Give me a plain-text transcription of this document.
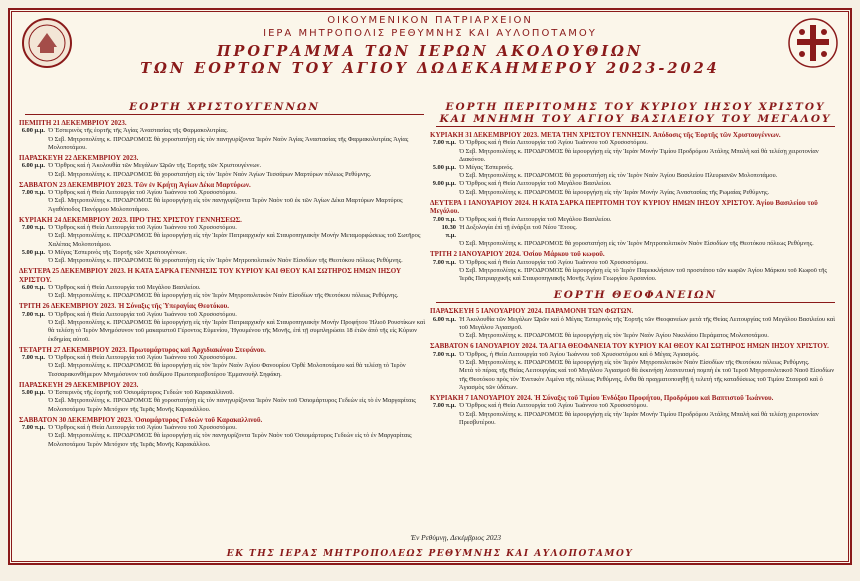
ΟΙΚΟΥΜΕΝΙΚΟΝ ΠΑΤΡΙΑΡΧΕΙΟΝ
ΙΕΡΑ ΜΗΤΡΟΠΟΛΙΣ ΡΕΘΥΜΝΗΣ ΚΑΙ ΑΥΛΟΠΟΤΑΜΟΥ
ΠΡΟΓΡΑΜΜΑ ΤΩΝ ΙΕΡΩΝ ΑΚΟΛΟΥΘΙΩΝ
ΤΩΝ ΕΟΡΤΩΝ ΤΟΥ ΑΓΙΟΥ ΔΩΔΕΚΑΗΜΕΡΟΥ 2023-2024
ΕΟΡΤΗ ΧΡΙΣΤΟΥΓΕΝΝΩΝ
ΠΕΜΠΤΗ 21 ΔΕΚΕΜΒΡΙΟΥ 2023.
6.00 μ.μ. Ὁ Ἑσπερινὸς τῆς ἑορτῆς τῆς Ἁγίας Ἀναστασίας τῆς Φαρμακολυτρίας.
Ὁ Σεβ. Μητροπολίτης κ. ΠΡΟΔΡΟΜΟΣ θὰ χοροστατήσῃ εἰς τὸν πανηγυρίζοντα Ἱερὸν Ναὸν Ἁγίας Ἀναστασίας τῆς Φαρμακολυτρίας Ἁγίας Μολοποτάμου.
ΠΑΡΑΣΚΕΥΗ 22 ΔΕΚΕΜΒΡΙΟΥ 2023.
6.00 μ.μ. Ὁ Ὄρθρος καὶ ἡ Ἀκολουθία τῶν Μεγάλων Ὡρῶν τῆς Ἑορτῆς τῶν Χριστουγέννων.
Ὁ Σεβ. Μητροπολίτης κ. ΠΡΟΔΡΟΜΟΣ θὰ χοροστατήσῃ εἰς τὸν Ἱερὸν Ναὸν Ἁγίων Τεσσάρων Μαρτύρων πόλεως Ρεθύμνης.
ΣΑΒΒΑΤΟΝ 23 ΔΕΚΕΜΒΡΙΟΥ 2023. Τῶν ἐν Κρήτῃ Ἁγίων Δέκα Μαρτύρων.
7.00 π.μ. Ὁ Ὄρθρος καὶ ἡ Θεία Λειτουργία τοῦ Ἁγίου Ἰωάννου τοῦ Χρυσοστόμου.
Ὁ Σεβ. Μητροπολίτης κ. ΠΡΟΔΡΟΜΟΣ θὰ ἱερουργήσῃ εἰς τὸν πανηγυρίζοντα Ἱερὸν Ναὸν τοῦ ἐκ τῶν Ἁγίων Δέκα Μαρτύρων Μαρτύρος Ἀγαθόποδος Πανόρμου Μολοποτάμου.
ΚΥΡΙΑΚΗ 24 ΔΕΚΕΜΒΡΙΟΥ 2023. ΠΡΟ ΤΗΣ ΧΡΙΣΤΟΥ ΓΕΝΝΗΣΕΩΣ.
7.00 π.μ. Ὁ Ὄρθρος καὶ ἡ Θεία Λειτουργία τοῦ Ἁγίου Ἰωάννου τοῦ Χρυσοστόμου.
Ὁ Σεβ. Μητροπολίτης κ. ΠΡΟΔΡΟΜΟΣ θὰ ἱερουργήσῃ εἰς τὴν Ἱερὰν Πατριαρχικὴν καὶ Σταυροπηγιακὴν Μονὴν Μεταμορφώσεως τοῦ Σωτῆρος Χαλέπας Μολοποτάμου.
5.00 μ.μ. Ὁ Μέγας Ἑσπερινὸς τῆς Ἑορτῆς τῶν Χριστουγέννων.
Ὁ Σεβ. Μητροπολίτης κ. ΠΡΟΔΡΟΜΟΣ θὰ χοροστατήσῃ εἰς τὸν Ἱερὸν Μητροπολιτικὸν Ναὸν Εἰσοδίων τῆς Θεοτόκου πόλεως Ρεθύμνης.
ΔΕΥΤΕΡΑ 25 ΔΕΚΕΜΒΡΙΟΥ 2023. Η ΚΑΤΑ ΣΑΡΚΑ ΓΕΝΝΗΣΙΣ ΤΟΥ ΚΥΡΙΟΥ ΚΑΙ ΘΕΟΥ ΚΑΙ ΣΩΤΗΡΟΣ ΗΜΩΝ ΙΗΣΟΥ ΧΡΙΣΤΟΥ.
6.00 π.μ. Ὁ Ὄρθρος καὶ ἡ Θεία Λειτουργία τοῦ Μεγάλου Βασιλείου.
Ὁ Σεβ. Μητροπολίτης κ. ΠΡΟΔΡΟΜΟΣ θὰ ἱερουργήσῃ εἰς τὸν Ἱερὸν Μητροπολιτικὸν Ναὸν Εἰσοδίων τῆς Θεοτόκου πόλεως Ρεθύμνης.
ΤΡΙΤΗ 26 ΔΕΚΕΜΒΡΙΟΥ 2023. Ἡ Σύναξις τῆς Ὑπεραγίας Θεοτόκου.
7.00 π.μ. Ὁ Ὄρθρος καὶ ἡ Θεία Λειτουργία τοῦ Ἁγίου Ἰωάννου τοῦ Χρυσοστόμου.
Ὁ Σεβ. Μητροπολίτης κ. ΠΡΟΔΡΟΜΟΣ θὰ ἱερουργήσῃ εἰς τὴν Ἱερὰν Πατριαρχικὴν καὶ Σταυροπηγιακὴν Μονὴν Προφήτου Ἠλιοῦ Ρουστίκων καὶ θὰ τελέσῃ τὸ Ἱερὸν Μνημόσυνον τοῦ μακαριστοῦ Γέροντος Εὐμενίου, Ἡγουμένου τῆς Μονῆς, ἐπὶ τῇ συμπληρώσει 18 ἐτῶν ἀπὸ τῆς εἰς Κύριον ἐκδημίας αὐτοῦ.
ΤΕΤΑΡΤΗ 27 ΔΕΚΕΜΒΡΙΟΥ 2023. Πρωτομάρτυρος καὶ Ἀρχιδιακόνου Στεφάνου.
7.00 π.μ. Ὁ Ὄρθρος καὶ ἡ Θεία Λειτουργία τοῦ Ἁγίου Ἰωάννου τοῦ Χρυσοστόμου.
Ὁ Σεβ. Μητροπολίτης κ. ΠΡΟΔΡΟΜΟΣ θὰ ἱερουργήσῃ εἰς τὸν Ἱερὸν Ναὸν Ἁγίου Φανουρίου Ὀρθὲ Μολοποτάμου καὶ θὰ τελέσῃ τὸ Ἱερὸν Τεσσαρακονθήμερον Μνημόσυνον τοῦ ἀοιδίμου Πρωτοπρεσβυτέρου Ἐμμανουὴλ Σηφάκη.
ΠΑΡΑΣΚΕΥΗ 29 ΔΕΚΕΜΒΡΙΟΥ 2023.
5.00 μ.μ. Ὁ Ἑσπερινὸς τῆς ἑορτῆς τοῦ Ὁσιομάρτυρος Γεδεὼν τοῦ Καρακαλλινοῦ.
Ὁ Σεβ. Μητροπολίτης κ. ΠΡΟΔΡΟΜΟΣ θὰ χοροστατήσῃ εἰς τὸν πανηγυρίζοντα Ἱερὸν Ναὸν τοῦ Ὁσιομάρτυρος Γεδεὼν εἰς τὸ ἐν Μαργαρίταις Μολοποτάμου Ἱερὸν Μετόχιον τῆς Ἱερᾶς Μονῆς Καρακάλλου.
ΣΑΒΒΑΤΟΝ 30 ΔΕΚΕΜΒΡΙΟΥ 2023. Ὁσιομάρτυρος Γεδεὼν τοῦ Καρακαλλινοῦ.
7.00 π.μ. Ὁ Ὄρθρος καὶ ἡ Θεία Λειτουργία τοῦ Ἁγίου Ἰωάννου τοῦ Χρυσοστόμου.
Ὁ Σεβ. Μητροπολίτης κ. ΠΡΟΔΡΟΜΟΣ θὰ ἱερουργήσῃ εἰς τὸν πανηγυρίζοντα Ἱερὸν Ναὸν τοῦ Ὁσιομάρτυρος Γεδεὼν εἰς τὸ ἐν Μαργαρίταις Μολοποτάμου Ἱερὸν Μετόχιον τῆς Ἱερᾶς Μονῆς Καρακάλλου.
ΕΟΡΤΗ ΠΕΡΙΤΟΜΗΣ ΤΟΥ ΚΥΡΙΟΥ ΙΗΣΟΥ ΧΡΙΣΤΟΥ
ΚΑΙ ΜΝΗΜΗ ΤΟΥ ΑΓΙΟΥ ΒΑΣΙΛΕΙΟΥ ΤΟΥ ΜΕΓΑΛΟΥ
ΚΥΡΙΑΚΗ 31 ΔΕΚΕΜΒΡΙΟΥ 2023. ΜΕΤΑ ΤΗΝ ΧΡΙΣΤΟΥ ΓΕΝΝΗΣΙΝ. Ἀπόδοσις τῆς Ἑορτῆς τῶν Χριστουγέννων.
7.00 π.μ. Ὁ Ὄρθρος καὶ ἡ Θεία Λειτουργία τοῦ Ἁγίου Ἰωάννου τοῦ Χρυσοστόμου.
Ὁ Σεβ. Μητροπολίτης κ. ΠΡΟΔΡΟΜΟΣ θὰ ἱερουργήσῃ εἰς τὴν Ἱερὰν Μονὴν Τιμίου Προδρόμου Ἀτάλης Μπαλὴ καὶ θὰ τελέσῃ χειροτονίαν Διακόνου.
5.00 μ.μ. Ὁ Μέγας Ἑσπερινός.
Ὁ Σεβ. Μητροπολίτης κ. ΠΡΟΔΡΟΜΟΣ θὰ χοροστατήσῃ εἰς τὸν Ἱερὸν Ναὸν Ἁγίου Βασιλείου Πλευριανῶν Μολοποτάμου.
9.00 μ.μ. Ὁ Ὄρθρος καὶ ἡ Θεία Λειτουργία τοῦ Μεγάλου Βασιλείου.
Ὁ Σεβ. Μητροπολίτης κ. ΠΡΟΔΡΟΜΟΣ θὰ ἱερουργήσῃ εἰς τὴν Ἱερὰν Μονὴν Ἁγίας Ἀναστασίας τῆς Ρωμαίας Ρεθύμνης.
ΔΕΥΤΕΡΑ 1 ΙΑΝΟΥΑΡΙΟΥ 2024. Η ΚΑΤΑ ΣΑΡΚΑ ΠΕΡΙΤΟΜΗ ΤΟΥ ΚΥΡΙΟΥ ΗΜΩΝ ΙΗΣΟΥ ΧΡΙΣΤΟΥ. Ἁγίου Βασιλείου τοῦ Μεγάλου.
7.00 π.μ. Ὁ Ὄρθρος καὶ ἡ Θεία Λειτουργία τοῦ Μεγάλου Βασιλείου.
10.30 π.μ.
Ἡ Δοξολογία ἐπὶ τῇ ἐνάρξει τοῦ Νέου Ἔτους.
Ὁ Σεβ. Μητροπολίτης κ. ΠΡΟΔΡΟΜΟΣ θὰ χοροστατήσῃ εἰς τὸν Ἱερὸν Μητροπολιτικὸν Ναὸν Εἰσοδίων τῆς Θεοτόκου πόλεως Ρεθύμνης.
ΤΡΙΤΗ 2 ΙΑΝΟΥΑΡΙΟΥ 2024. Ὁσίου Μάρκου τοῦ κωφοῦ.
7.00 π.μ. Ὁ Ὄρθρος καὶ ἡ Θεία Λειτουργία τοῦ Ἁγίου Ἰωάννου τοῦ Χρυσοστόμου.
Ὁ Σεβ. Μητροπολίτης κ. ΠΡΟΔΡΟΜΟΣ θὰ ἱερουργήσῃ εἰς τὸ Ἱερὸν Παρεκκλήσιον τοῦ προστάτου τῶν κωφῶν Ἁγίου Μάρκου τοῦ Κωφοῦ τῆς Ἱερᾶς Πατριαρχικῆς καὶ Σταυροπηγιακῆς Μονῆς Ἁγίου Γεωργίου Ἀρσανίου.
ΕΟΡΤΗ ΘΕΟΦΑΝΕΙΩΝ
ΠΑΡΑΣΚΕΥΗ 5 ΙΑΝΟΥΑΡΙΟΥ 2024. ΠΑΡΑΜΟΝΗ ΤΩΝ ΦΩΤΩΝ.
6.00 π.μ. Ἡ Ἀκολουθία τῶν Μεγάλων Ὡρῶν καὶ ὁ Μέγας Ἑσπερινὸς τῆς Ἑορτῆς τῶν Θεοφανείων μετὰ τῆς Θείας Λειτουργίας τοῦ Μεγάλου Βασιλείου καὶ τοῦ Μεγάλου Ἁγιασμοῦ.
Ὁ Σεβ. Μητροπολίτης κ. ΠΡΟΔΡΟΜΟΣ θὰ ἱερουργήσῃ εἰς τὸν Ἱερὸν Ναὸν Ἁγίου Νικολάου Περάματος Μολοποτάμου.
ΣΑΒΒΑΤΟΝ 6 ΙΑΝΟΥΑΡΙΟΥ 2024. ΤΑ ΑΓΙΑ ΘΕΟΦΑΝΕΙΑ ΤΟΥ ΚΥΡΙΟΥ ΚΑΙ ΘΕΟΥ ΚΑΙ ΣΩΤΗΡΟΣ ΗΜΩΝ ΙΗΣΟΥ ΧΡΙΣΤΟΥ.
7.00 π.μ. Ὁ Ὄρθρος, ἡ Θεία Λειτουργία τοῦ Ἁγίου Ἰωάννου τοῦ Χρυσοστόμου καὶ ὁ Μέγας Ἁγιασμός.
Ὁ Σεβ. Μητροπολίτης κ. ΠΡΟΔΡΟΜΟΣ θὰ ἱερουργήσῃ εἰς τὸν Ἱερὸν Μητροπολιτικὸν Ναὸν Εἰσοδίων τῆς Θεοτόκου πόλεως Ρεθύμνης.
Μετὰ τὸ πέρας τῆς Θείας Λειτουργίας καὶ τοῦ Μεγάλου Ἁγιασμοῦ θὰ ἐκκινήσῃ λιτανευτικὴ πομπὴ ἐκ τοῦ Ἱεροῦ Μητροπολιτικοῦ Ναοῦ Εἰσοδίων τῆς Θεοτόκου πρὸς τὸν Ἐνετικὸν Λιμένα τῆς πόλεως Ρεθύμνης, ἔνθα θὰ πραγματοποιηθῇ ἡ τελετὴ τῆς καταδύσεως τοῦ Τιμίου Σταυροῦ καὶ ὁ Ἁγιασμὸς τῶν ὑδάτων.
ΚΥΡΙΑΚΗ 7 ΙΑΝΟΥΑΡΙΟΥ 2024. Ἡ Σύναξις τοῦ Τιμίου Ἐνδόξου Προφήτου, Προδρόμου καὶ Βαπτιστοῦ Ἰωάννου.
7.00 π.μ. Ὁ Ὄρθρος καὶ ἡ Θεία Λειτουργία τοῦ Ἁγίου Ἰωάννου τοῦ Χρυσοστόμου.
Ὁ Σεβ. Μητροπολίτης κ. ΠΡΟΔΡΟΜΟΣ θὰ ἱερουργήσῃ εἰς τὴν Ἱερὰν Μονὴν Τιμίου Προδρόμου Ἀτάλης Μπαλὴ καὶ θὰ τελέσῃ χειροτονίαν Πρεσβυτέρου.
Ἐν Ρεθύμνῃ, Δεκέμβριος 2023
ΕΚ ΤΗΣ ΙΕΡΑΣ ΜΗΤΡΟΠΟΛΕΩΣ ΡΕΘΥΜΝΗΣ ΚΑΙ ΑΥΛΟΠΟΤΑΜΟΥ
